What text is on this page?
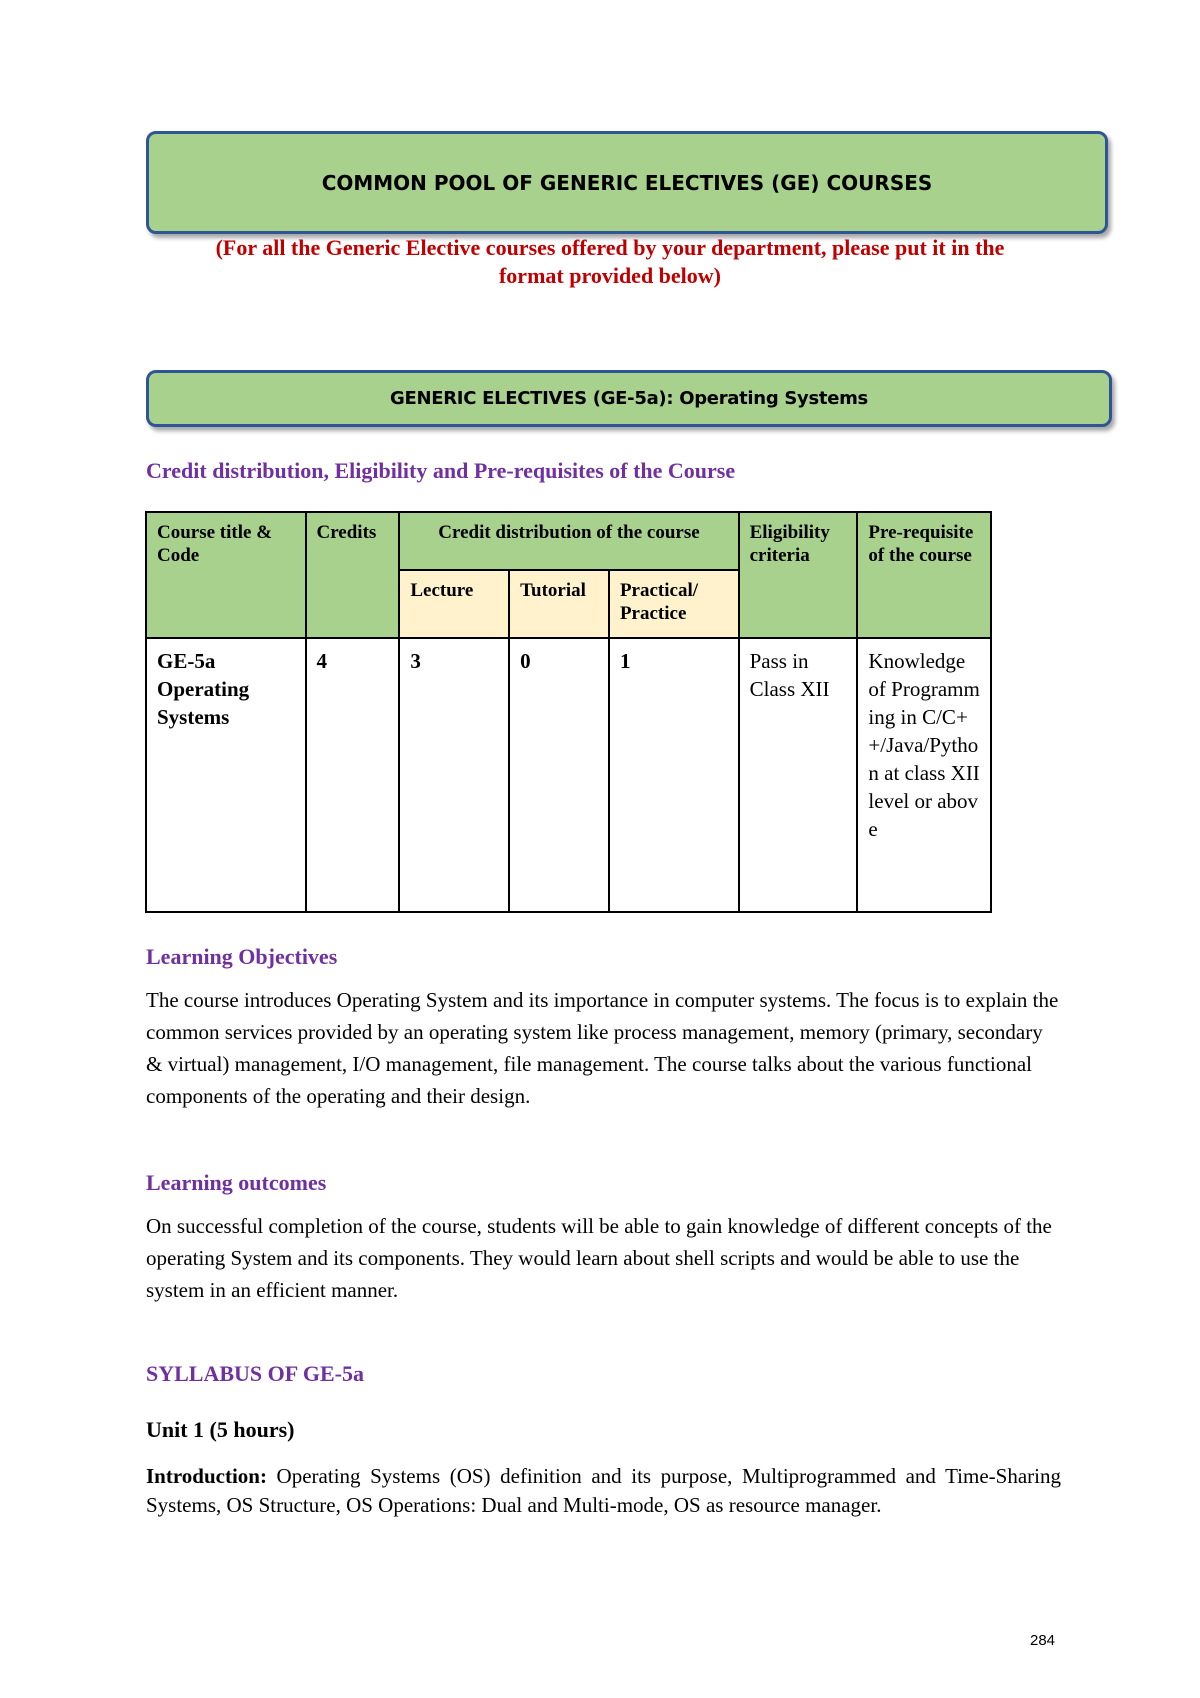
COMMON POOL OF GENERIC ELECTIVES (GE) COURSES
(For all the Generic Elective courses offered by your department, please put it in the
format provided below)
GENERIC ELECTIVES (GE-5a): Operating Systems
Credit distribution, Eligibility and Pre-requisites of the Course
Course title & Code	Credits	Credit distribution of the course			Eligibility criteria	Pre-requisite of the course
		Lecture	Tutorial	Practical/ Practice		
GE-5a Operating Systems	4	3	0	1	Pass in Class XII	Knowledge of Programming in C/C++/Java/Python at class XII level or above
Learning Objectives
The course introduces Operating System and its importance in computer systems. The focus is to explain the common services provided by an operating system like process management, memory (primary, secondary & virtual) management, I/O management, file management. The course talks about the various functional components of the operating and their design.
Learning outcomes
On successful completion of the course, students will be able to gain knowledge of different concepts of the operating System and its components. They would learn about shell scripts and would be able to use the system in an efficient manner.
SYLLABUS OF GE-5a
Unit 1 (5 hours)
Introduction: Operating Systems (OS) definition and its purpose, Multiprogrammed and Time-Sharing Systems, OS Structure, OS Operations: Dual and Multi-mode, OS as resource manager.
284
